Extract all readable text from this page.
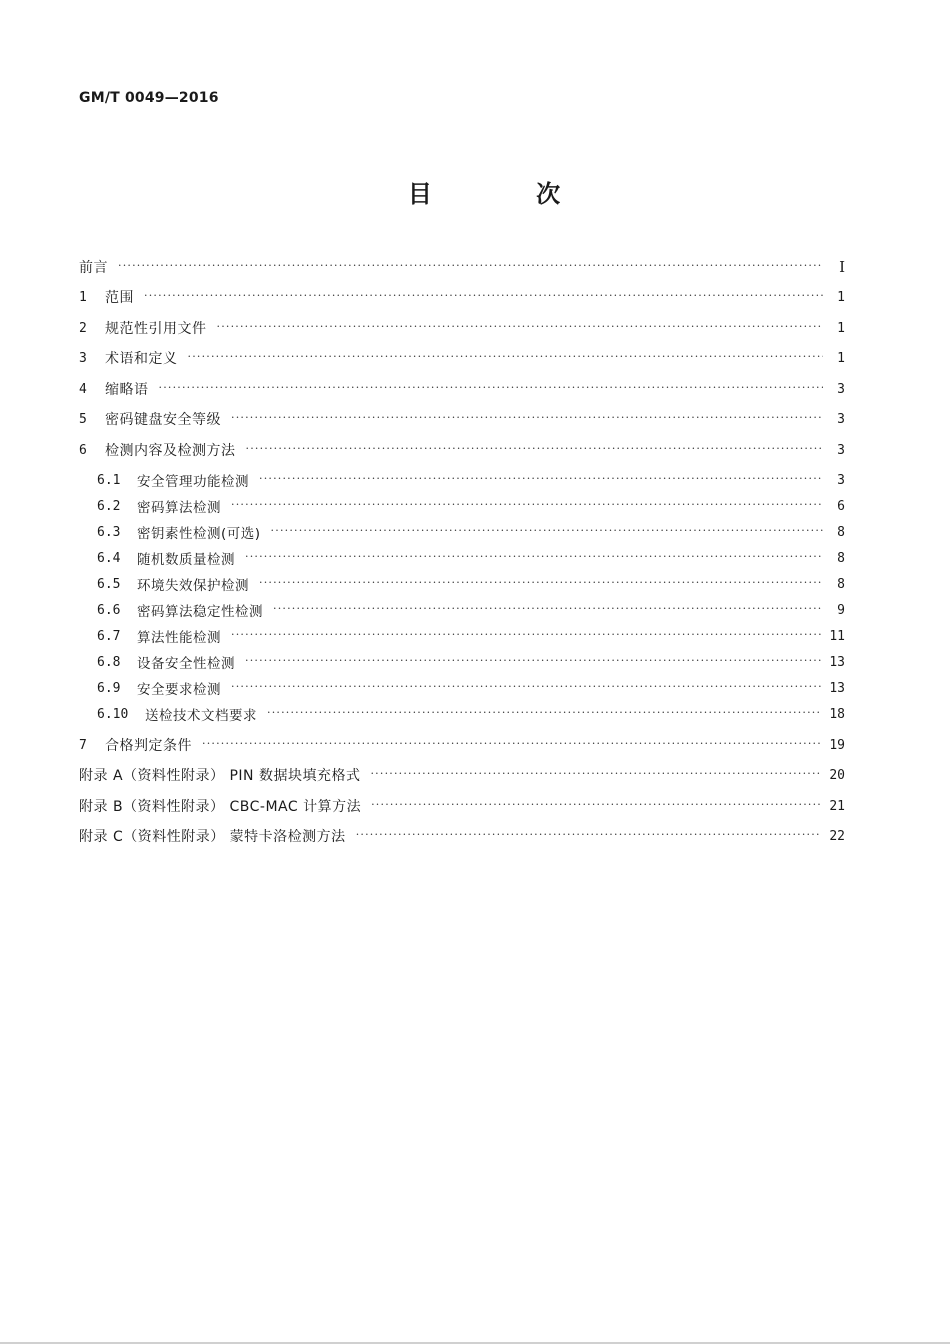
GM/T 0049—2016
目 次
前言 ·····	I
1	范围 ·····	1
2	规范性引用文件 ·····	1
3	术语和定义 ·····	1
4	缩略语 ·····	3
5	密码键盘安全等级 ·····	3
6	检测内容及检测方法 ·····	3
6.1	安全管理功能检测 ·····	3
6.2	密码算法检测 ·····	6
6.3	密钥素性检测(可选) ·····	8
6.4	随机数质量检测 ·····	8
6.5	环境失效保护检测 ·····	8
6.6	密码算法稳定性检测 ·····	9
6.7	算法性能检测 ·····	11
6.8	设备安全性检测 ·····	13
6.9	安全要求检测 ·····	13
6.10	送检技术文档要求 ·····	18
7	合格判定条件 ·····	19
附录 A（资料性附录） PIN 数据块填充格式 ·····	20
附录 B（资料性附录） CBC-MAC 计算方法 ·····	21
附录 C（资料性附录） 蒙特卡洛检测方法 ·····	22
